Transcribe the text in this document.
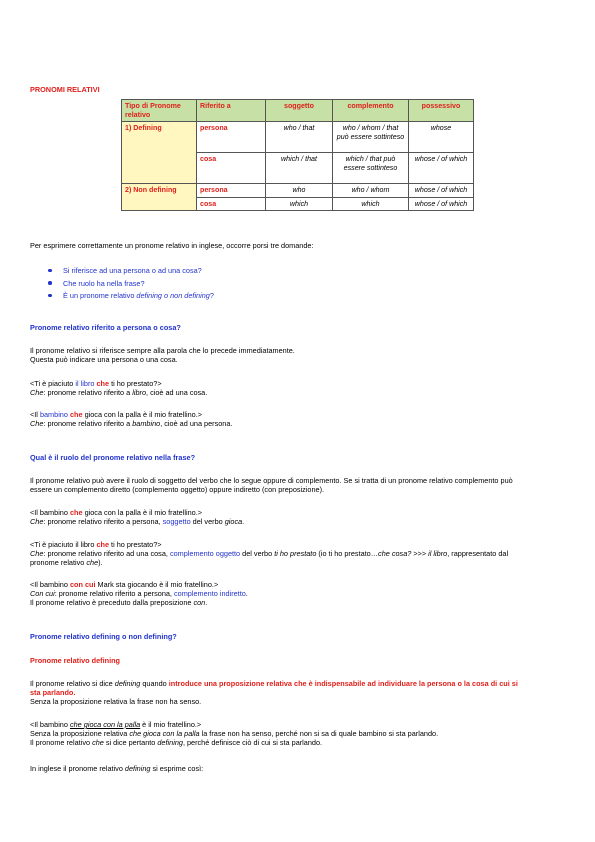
PRONOMI RELATIVI
Tipo di Pronome relativo	Riferito a	soggetto	complemento	possessivo
1) Defining	persona	who / that	who / whom / that può essere sottinteso	whose
	cosa	which / that	which / that può essere sottinteso	whose / of which
2) Non defining	persona	who	who / whom	whose / of which
	cosa	which	which	whose / of which
Per esprimere correttamente un pronome relativo in inglese, occorre porsi tre domande:
Si riferisce ad una persona o ad una cosa?
Che ruolo ha nella frase?
È un pronome relativo defining o non defining?
Pronome relativo riferito a persona o cosa?
Il pronome relativo si riferisce sempre alla parola che lo precede immediatamente.
Questa può indicare una persona o una cosa.
<Ti è piaciuto il libro che ti ho prestato?>
Che: pronome relativo riferito a libro, cioè ad una cosa.
<Il bambino che gioca con la palla è il mio fratellino.>
Che: pronome relativo riferito a bambino, cioè ad una persona.
Qual è il ruolo del pronome relativo nella frase?
Il pronome relativo può avere il ruolo di soggetto del verbo che lo segue oppure di complemento. Se si tratta di un pronome relativo complemento può
essere un complemento diretto (complemento oggetto) oppure indiretto (con preposizione).
<Il bambino che gioca con la palla è il mio fratellino.>
Che: pronome relativo riferito a persona, soggetto del verbo gioca.
<Ti è piaciuto il libro che ti ho prestato?>
Che: pronome relativo riferito ad una cosa, complemento oggetto del verbo ti ho prestato (io ti ho prestato…che cosa? >>> il libro, rappresentato dal
pronome relativo che).
<Il bambino con cui Mark sta giocando è il mio fratellino.>
Con cui: pronome relativo riferito a persona, complemento indiretto.
Il pronome relativo è preceduto dalla preposizione con.
Pronome relativo defining o non defining?
Pronome relativo defining
Il pronome relativo si dice defining quando introduce una proposizione relativa che è indispensabile ad individuare la persona o la cosa di cui si
sta parlando.
Senza la proposizione relativa la frase non ha senso.
<Il bambino che gioca con la palla è il mio fratellino.>
Senza la proposizione relativa che gioca con la palla la frase non ha senso, perché non si sa di quale bambino si sta parlando.
Il pronome relativo che si dice pertanto defining, perché definisce ciò di cui si sta parlando.
In inglese il pronome relativo defining si esprime così:
